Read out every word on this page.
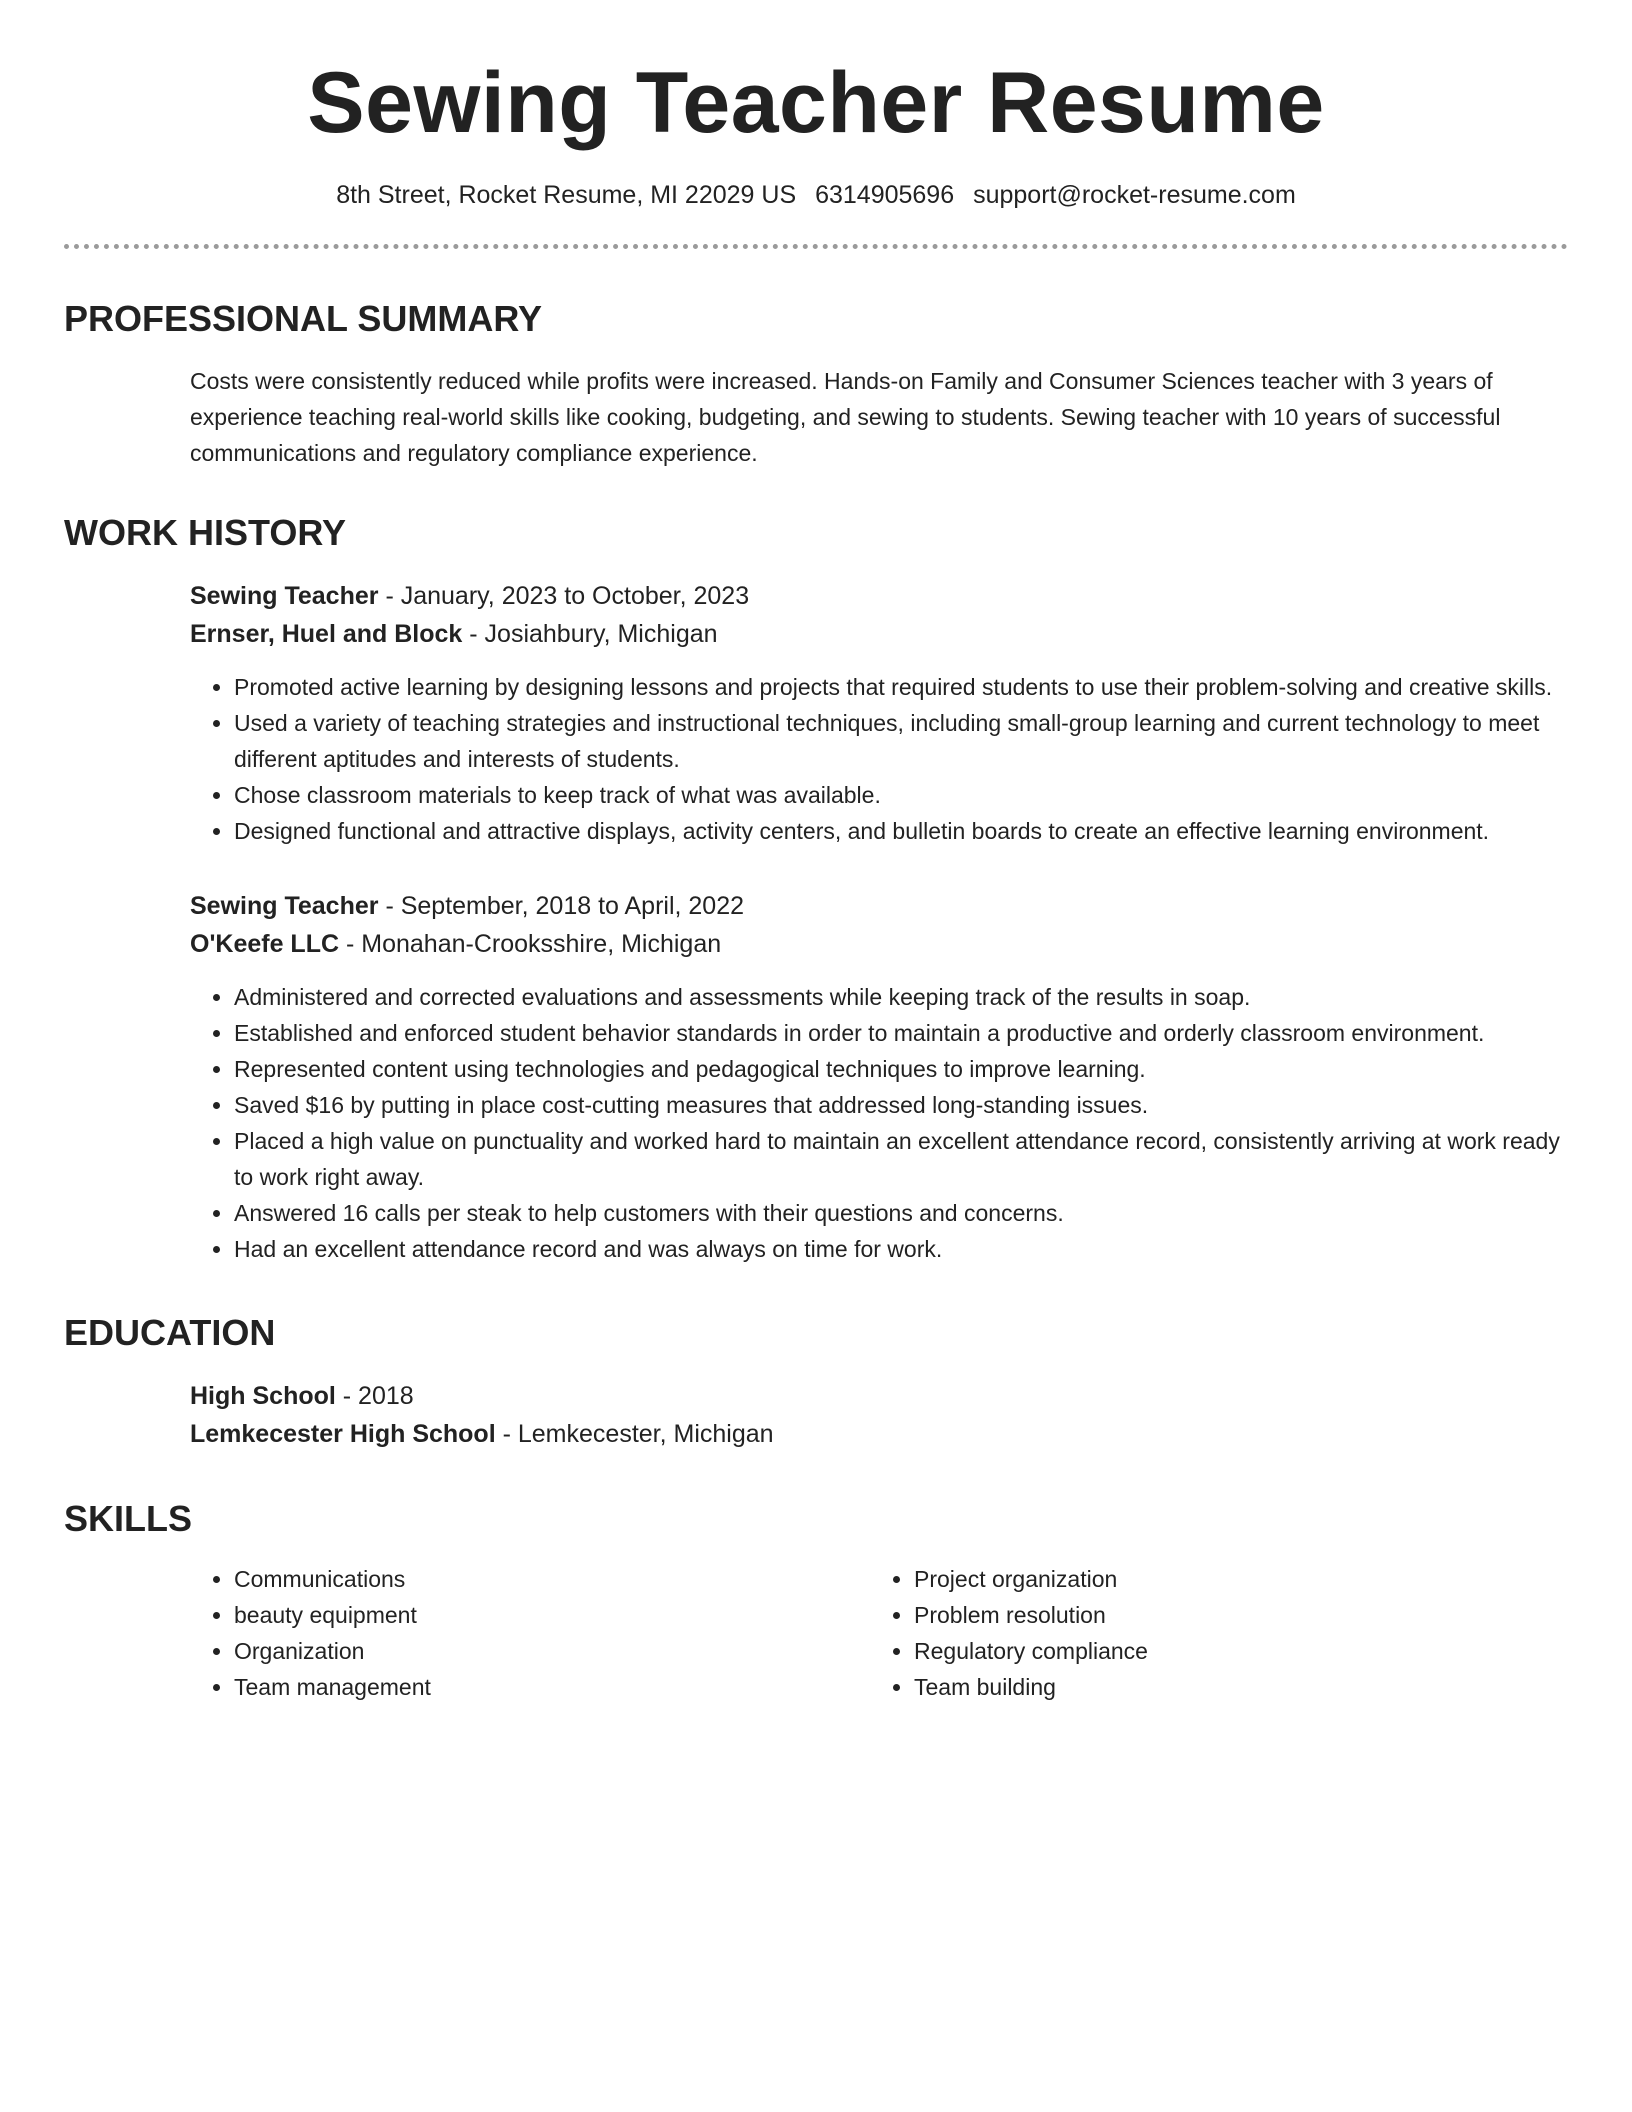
Sewing Teacher Resume
8th Street, Rocket Resume, MI 22029 US 6314905696 support@rocket-resume.com
PROFESSIONAL SUMMARY
Costs were consistently reduced while profits were increased. Hands-on Family and Consumer Sciences teacher with 3 years of experience teaching real-world skills like cooking, budgeting, and sewing to students. Sewing teacher with 10 years of successful communications and regulatory compliance experience.
WORK HISTORY
Sewing Teacher - January, 2023 to October, 2023
Ernser, Huel and Block - Josiahbury, Michigan
• Promoted active learning by designing lessons and projects that required students to use their problem-solving and creative skills.
• Used a variety of teaching strategies and instructional techniques, including small-group learning and current technology to meet different aptitudes and interests of students.
• Chose classroom materials to keep track of what was available.
• Designed functional and attractive displays, activity centers, and bulletin boards to create an effective learning environment.
Sewing Teacher - September, 2018 to April, 2022
O'Keefe LLC - Monahan-Crooksshire, Michigan
• Administered and corrected evaluations and assessments while keeping track of the results in soap.
• Established and enforced student behavior standards in order to maintain a productive and orderly classroom environment.
• Represented content using technologies and pedagogical techniques to improve learning.
• Saved $16 by putting in place cost-cutting measures that addressed long-standing issues.
• Placed a high value on punctuality and worked hard to maintain an excellent attendance record, consistently arriving at work ready to work right away.
• Answered 16 calls per steak to help customers with their questions and concerns.
• Had an excellent attendance record and was always on time for work.
EDUCATION
High School - 2018
Lemkecester High School - Lemkecester, Michigan
SKILLS
• Communications
• beauty equipment
• Organization
• Team management
• Project organization
• Problem resolution
• Regulatory compliance
• Team building
